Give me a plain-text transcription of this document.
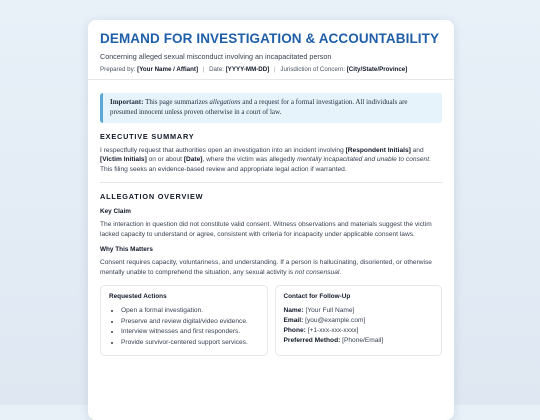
DEMAND FOR INVESTIGATION & ACCOUNTABILITY
Concerning alleged sexual misconduct involving an incapacitated person
Prepared by: [Your Name / Affiant] | Date: [YYYY-MM-DD] | Jurisdiction of Concern: [City/State/Province]
Important: This page summarizes allegations and a request for a formal investigation. All individuals are presumed innocent unless proven otherwise in a court of law.
EXECUTIVE SUMMARY
I respectfully request that authorities open an investigation into an incident involving [Respondent Initials] and [Victim Initials] on or about [Date], where the victim was allegedly mentally incapacitated and unable to consent. This filing seeks an evidence-based review and appropriate legal action if warranted.
ALLEGATION OVERVIEW
Key Claim
The interaction in question did not constitute valid consent. Witness observations and materials suggest the victim lacked capacity to understand or agree, consistent with criteria for incapacity under applicable consent laws.
Why This Matters
Consent requires capacity, voluntariness, and understanding. If a person is hallucinating, disoriented, or otherwise mentally unable to comprehend the situation, any sexual activity is not consensual.
Requested Actions
• Open a formal investigation.
• Preserve and review digital/video evidence.
• Interview witnesses and first responders.
• Provide survivor-centered support services.
Contact for Follow-Up
Name: [Your Full Name]
Email: [you@example.com]
Phone: [+1-xxx-xxx-xxxx]
Preferred Method: [Phone/Email]
